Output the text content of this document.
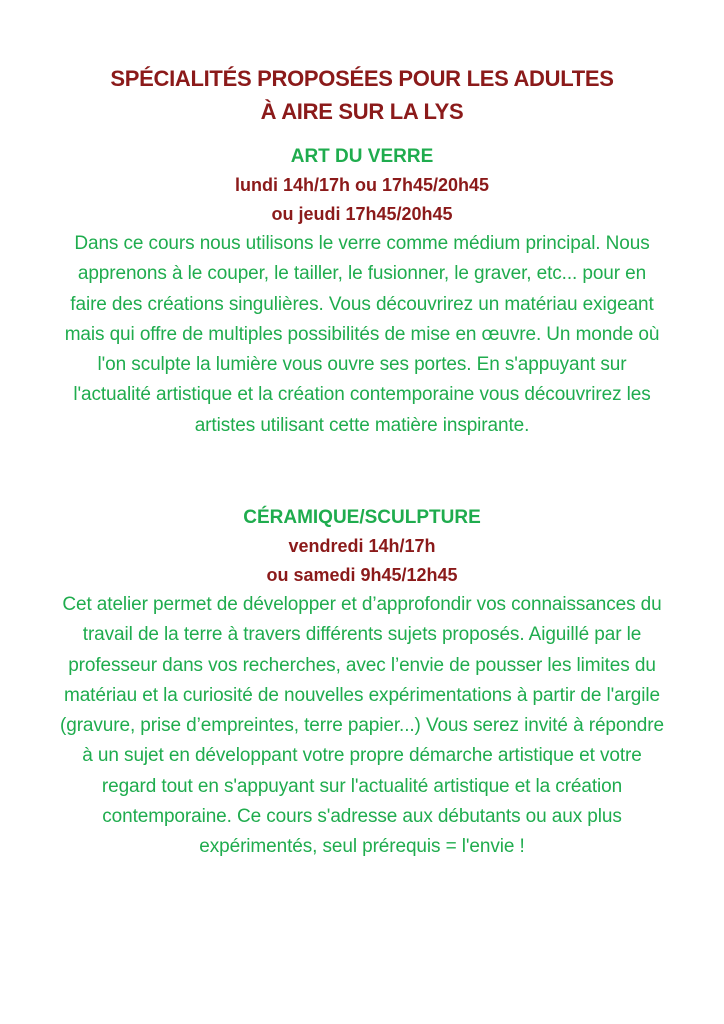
SPÉCIALITÉS PROPOSÉES POUR LES ADULTES
À AIRE SUR LA LYS

ART DU VERRE

lundi 14h/17h ou 17h45/20h45

ou jeudi 17h45/20h45

Dans ce cours nous utilisons le verre comme médium principal. Nous apprenons à le couper, le tailler, le fusionner, le graver, etc... pour en faire des créations singulières. Vous découvrirez un matériau exigeant mais qui offre de multiples possibilités de mise en œuvre. Un monde où l'on sculpte la lumière vous ouvre ses portes. En s'appuyant sur l'actualité artistique et la création contemporaine vous découvrirez les artistes utilisant cette matière inspirante.

CÉRAMIQUE/SCULPTURE

vendredi 14h/17h

ou samedi 9h45/12h45

Cet atelier permet de développer et d’approfondir vos connaissances du travail de la terre à travers différents sujets proposés. Aiguillé par le professeur dans vos recherches, avec l’envie de pousser les limites du matériau et la curiosité de nouvelles expérimentations à partir de l'argile (gravure, prise d’empreintes, terre papier...) Vous serez invité à répondre à un sujet en développant votre propre démarche artistique et votre regard tout en s'appuyant sur l'actualité artistique et la création contemporaine. Ce cours s'adresse aux débutants ou aux plus expérimentés, seul prérequis = l'envie !
